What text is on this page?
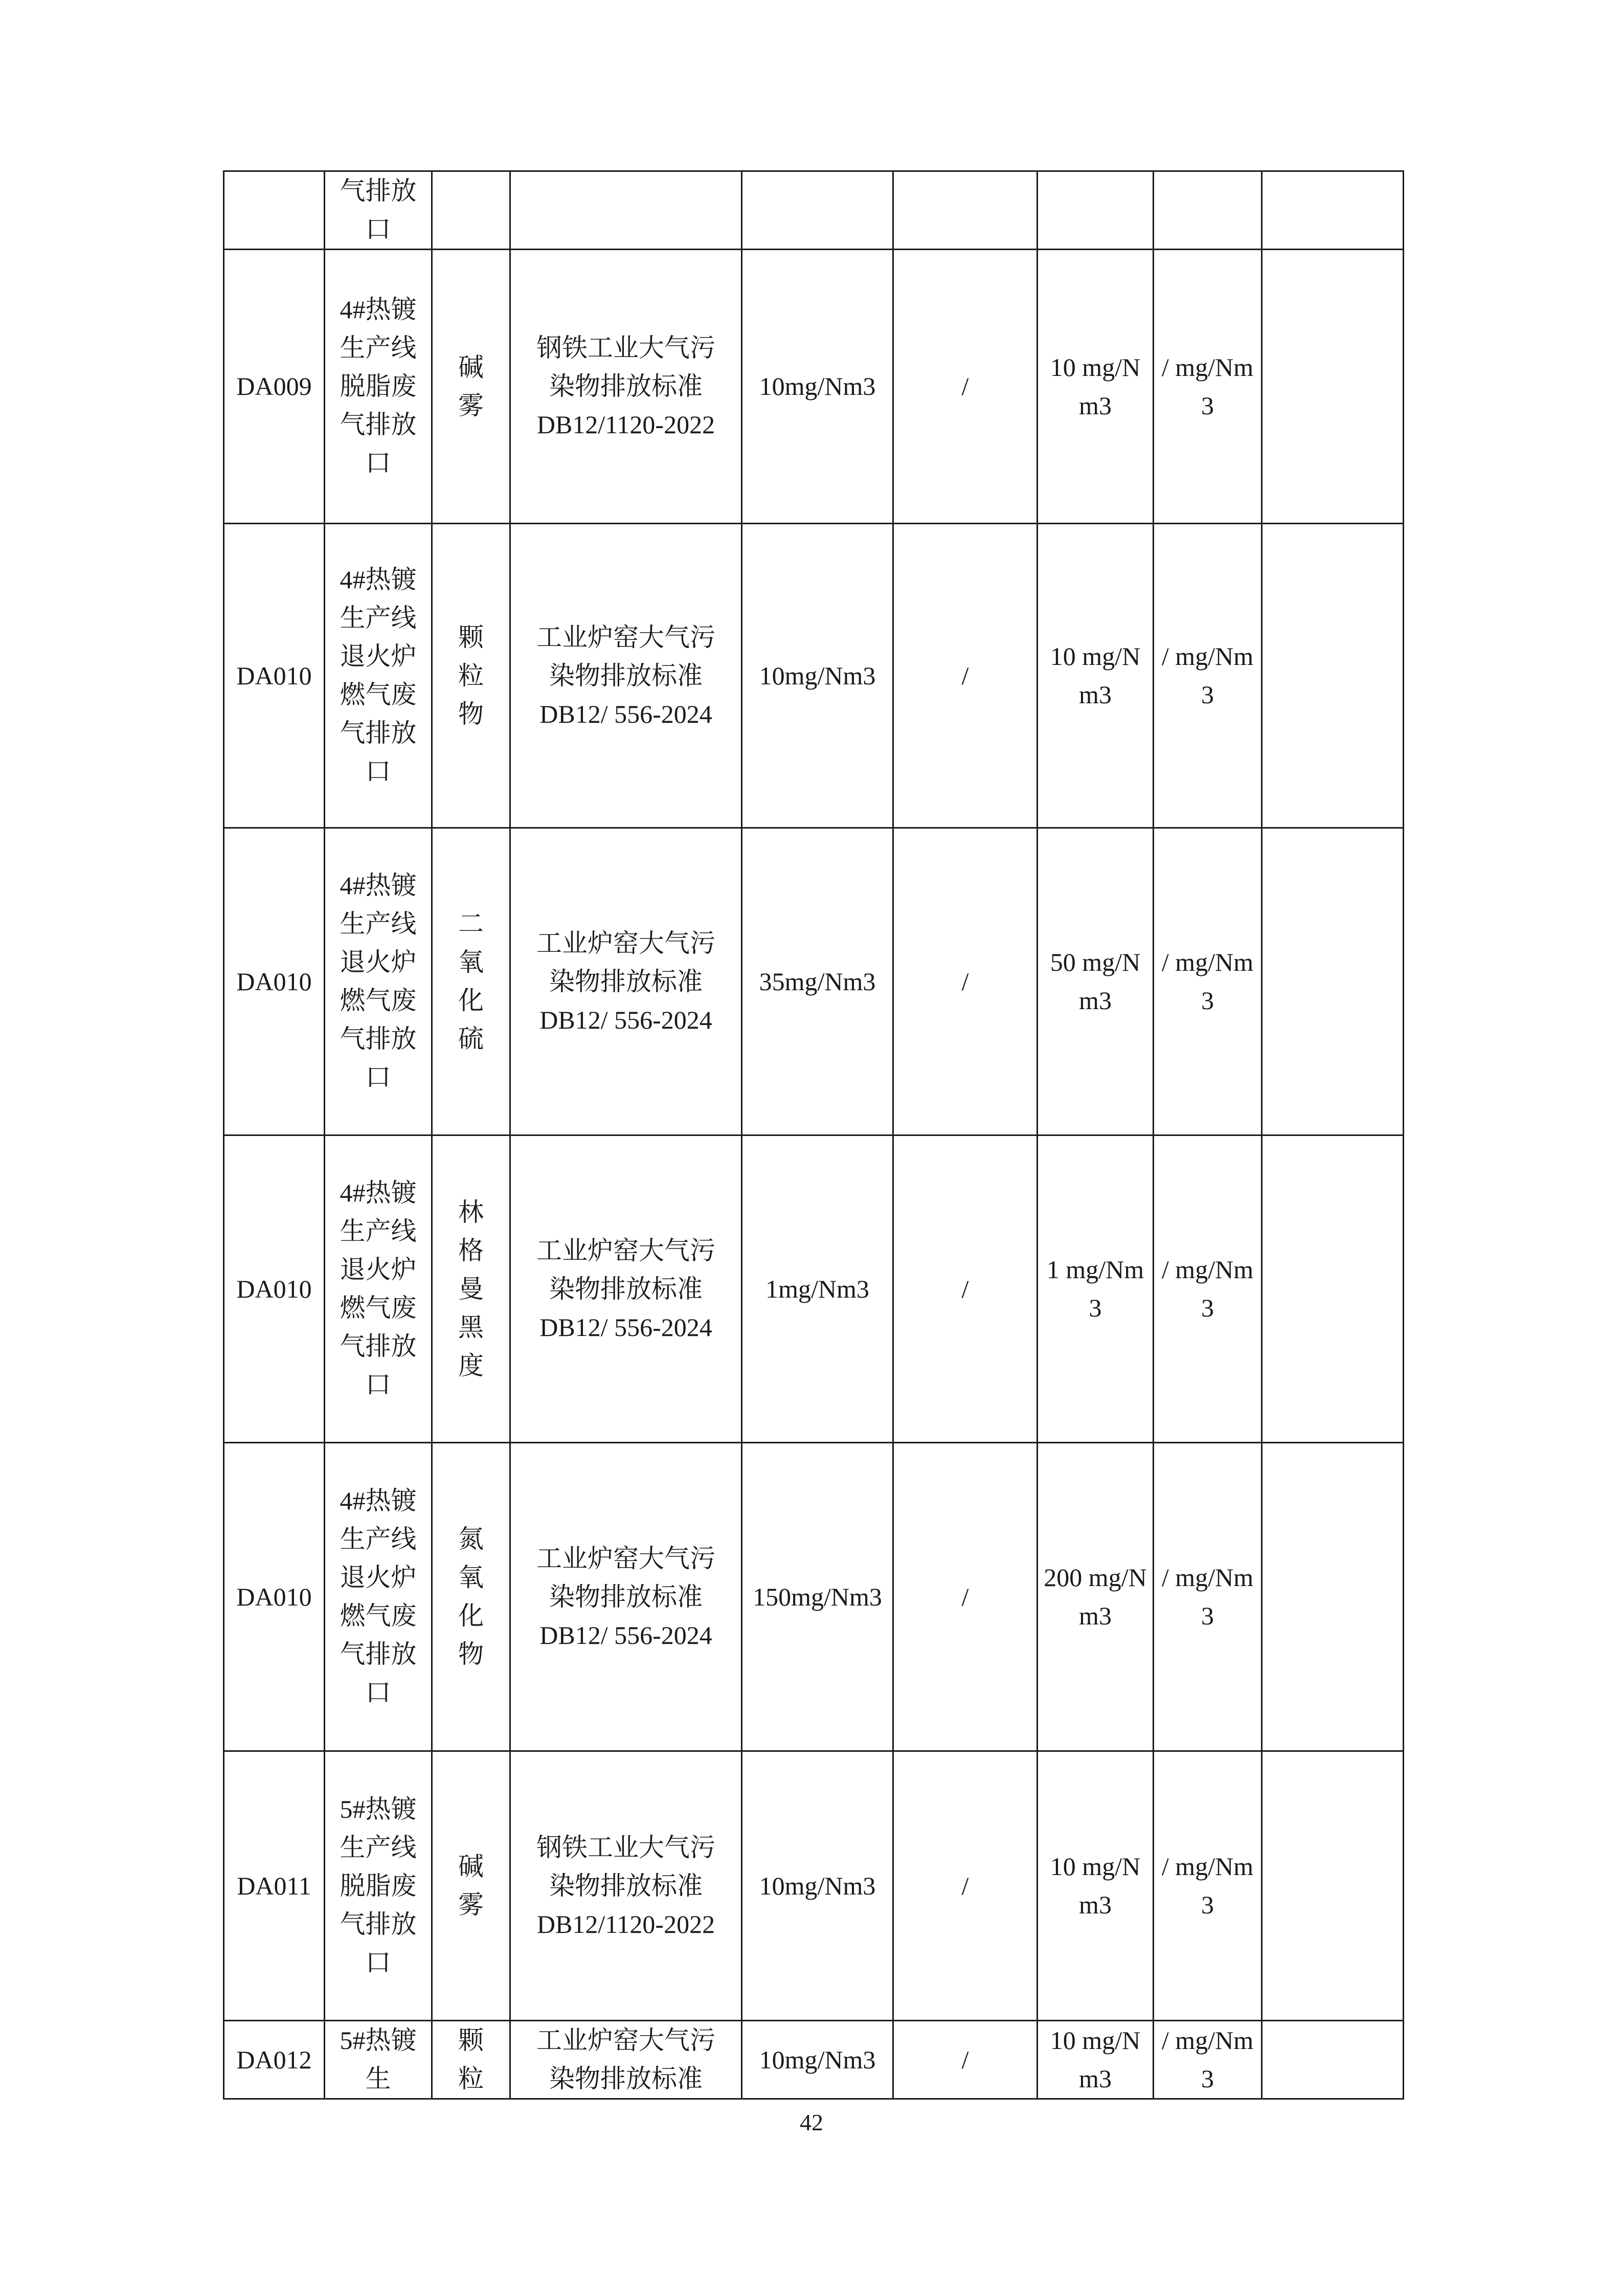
	气排放口							
DA009	4#热镀生产线脱脂废气排放口	碱雾	钢铁工业大气污
染物排放标准
DB12/1120-2022	10mg/Nm3	/	10 mg/Nm3	/ mg/Nm3	
DA010	4#热镀生产线退火炉燃气废气排放口	颗粒物	工业炉窑大气污
染物排放标准
DB12/ 556-2024	10mg/Nm3	/	10 mg/Nm3	/ mg/Nm3	
DA010	4#热镀生产线退火炉燃气废气排放口	二氧化硫	工业炉窑大气污
染物排放标准
DB12/ 556-2024	35mg/Nm3	/	50 mg/Nm3	/ mg/Nm3	
DA010	4#热镀生产线退火炉燃气废气排放口	林格曼黑度	工业炉窑大气污
染物排放标准
DB12/ 556-2024	1mg/Nm3	/	1 mg/Nm3	/ mg/Nm3	
DA010	4#热镀生产线退火炉燃气废气排放口	氮氧化物	工业炉窑大气污
染物排放标准
DB12/ 556-2024	150mg/Nm3	/	200 mg/Nm3	/ mg/Nm3	
DA011	5#热镀生产线脱脂废气排放口	碱雾	钢铁工业大气污
染物排放标准
DB12/1120-2022	10mg/Nm3	/	10 mg/Nm3	/ mg/Nm3	
DA012	5#热镀生	颗粒	工业炉窑大气污
染物排放标准	10mg/Nm3	/	10 mg/Nm3	/ mg/Nm3	
42
